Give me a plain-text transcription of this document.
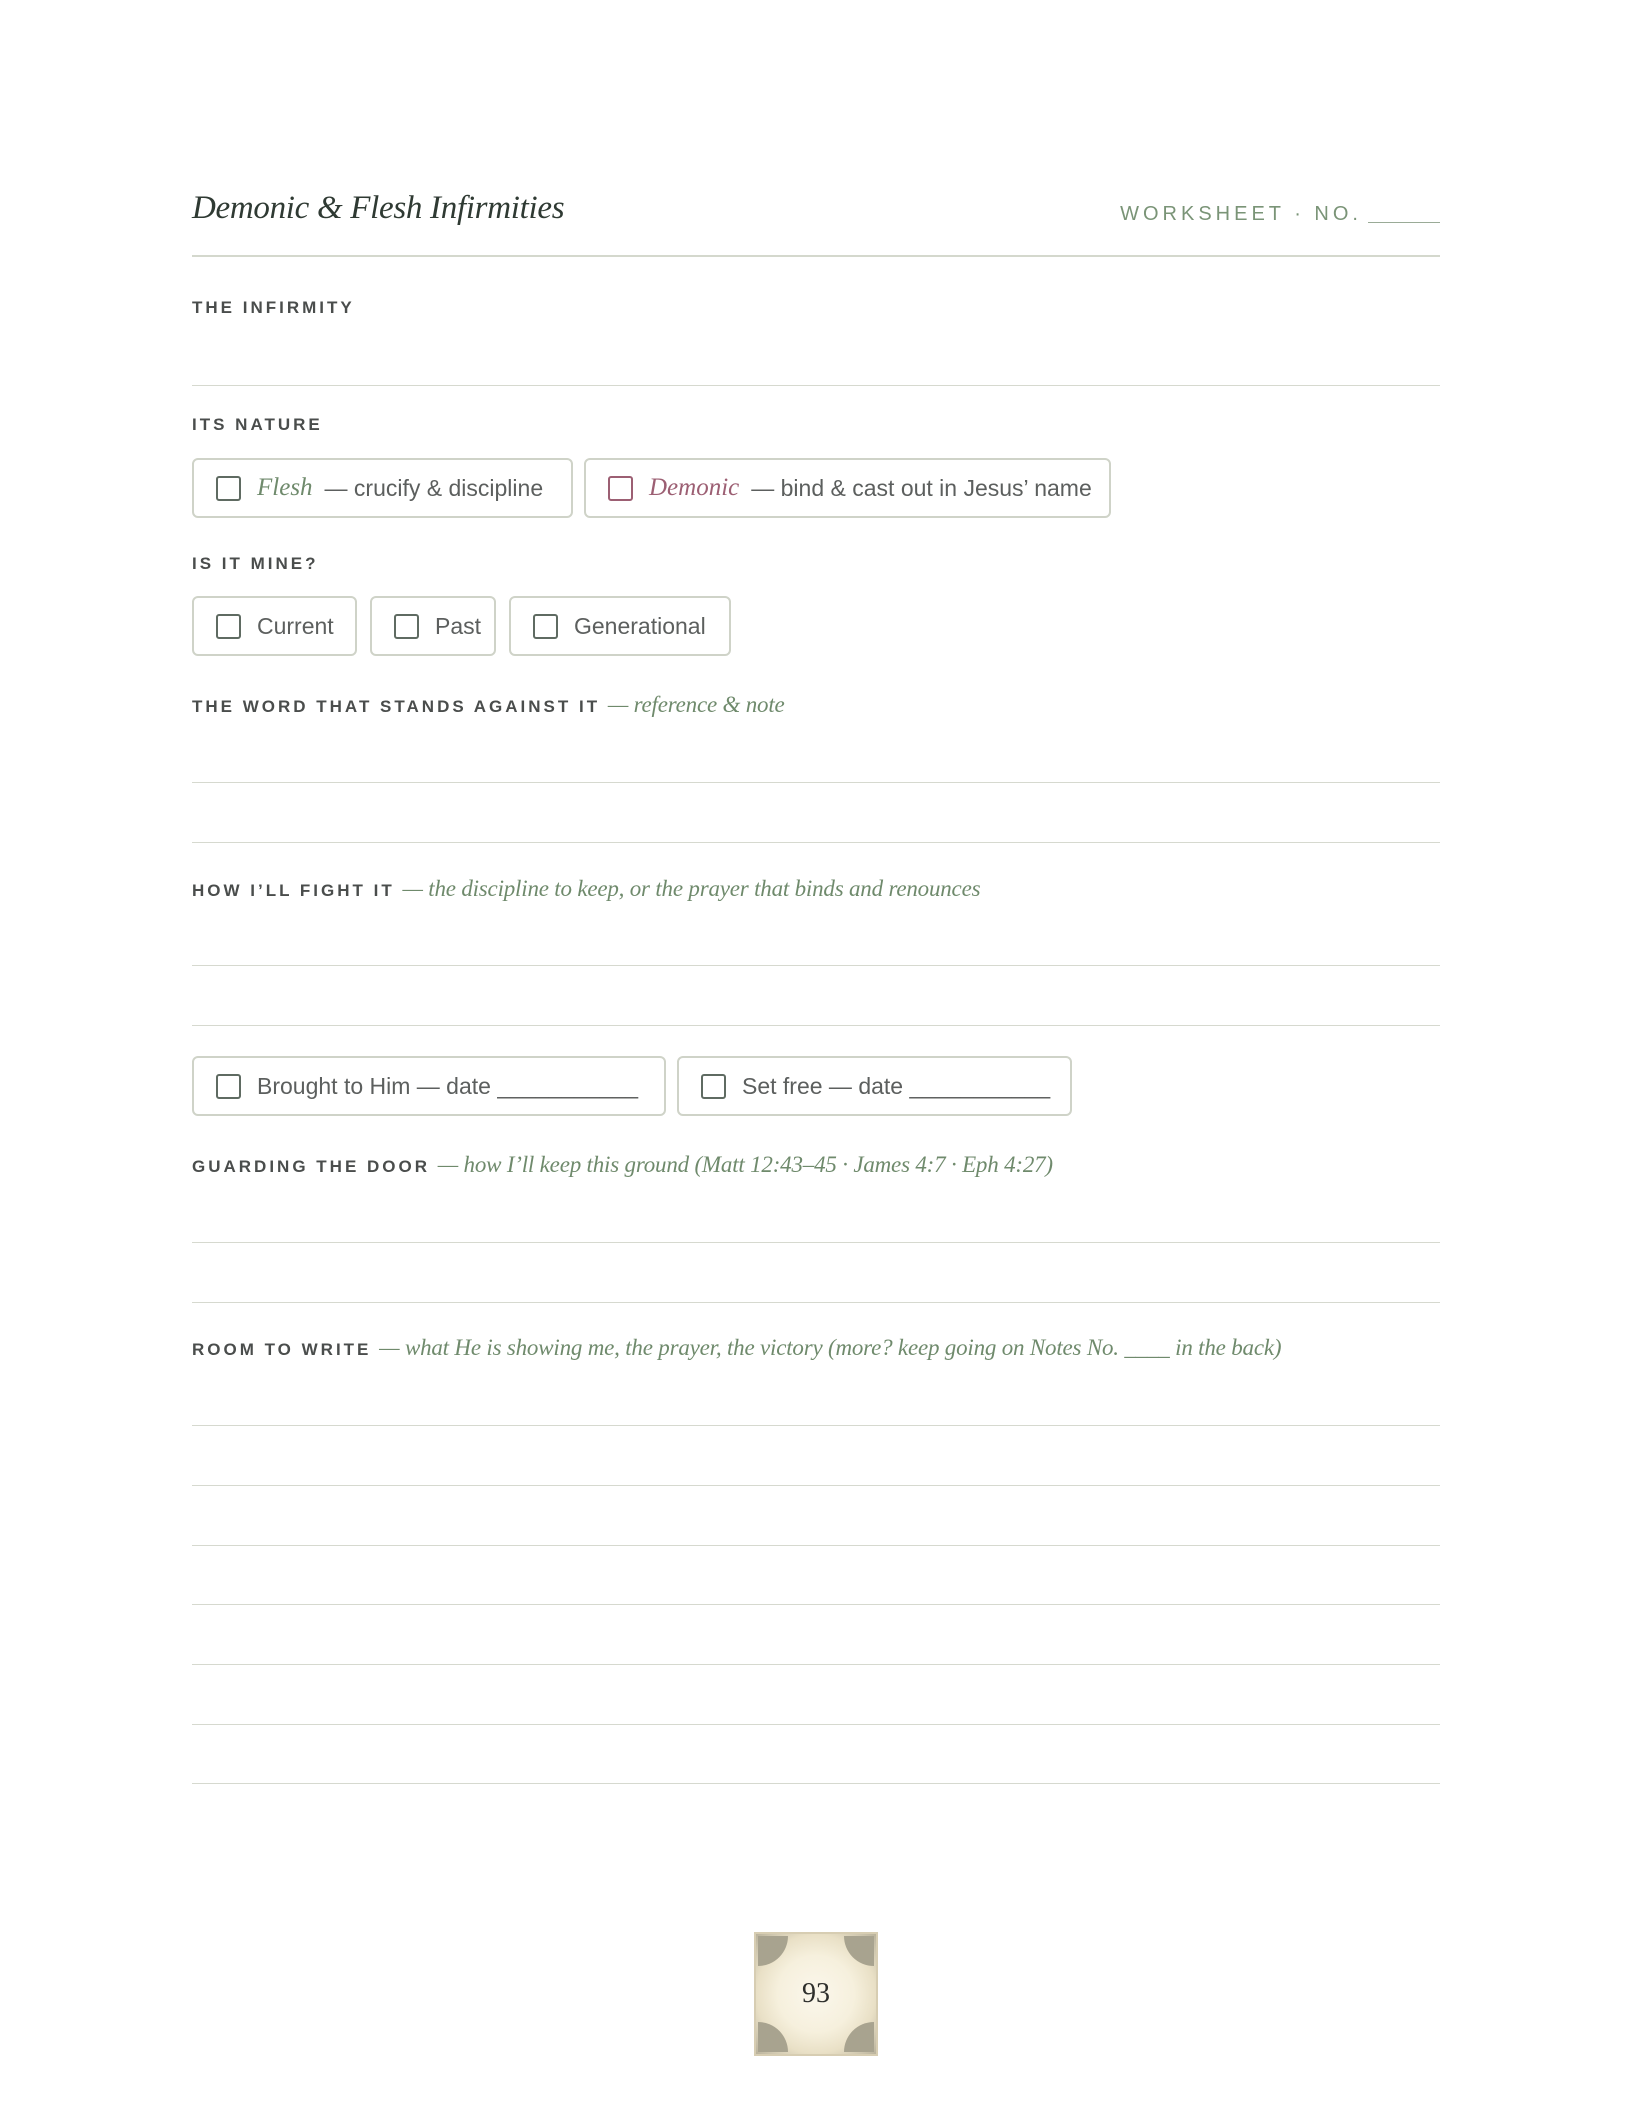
Demonic & Flesh Infirmities	WORKSHEET · NO.
THE INFIRMITY
ITS NATURE
Flesh — crucify & discipline	Demonic — bind & cast out in Jesus’ name
IS IT MINE?
Current	Past	Generational
THE WORD THAT STANDS AGAINST IT — reference & note
HOW I’LL FIGHT IT — the discipline to keep, or the prayer that binds and renounces
Brought to Him — date ___________	Set free — date ___________
GUARDING THE DOOR — how I’ll keep this ground (Matt 12:43–45 · James 4:7 · Eph 4:27)
ROOM TO WRITE — what He is showing me, the prayer, the victory (more? keep going on Notes No. ____ in the back)
93
